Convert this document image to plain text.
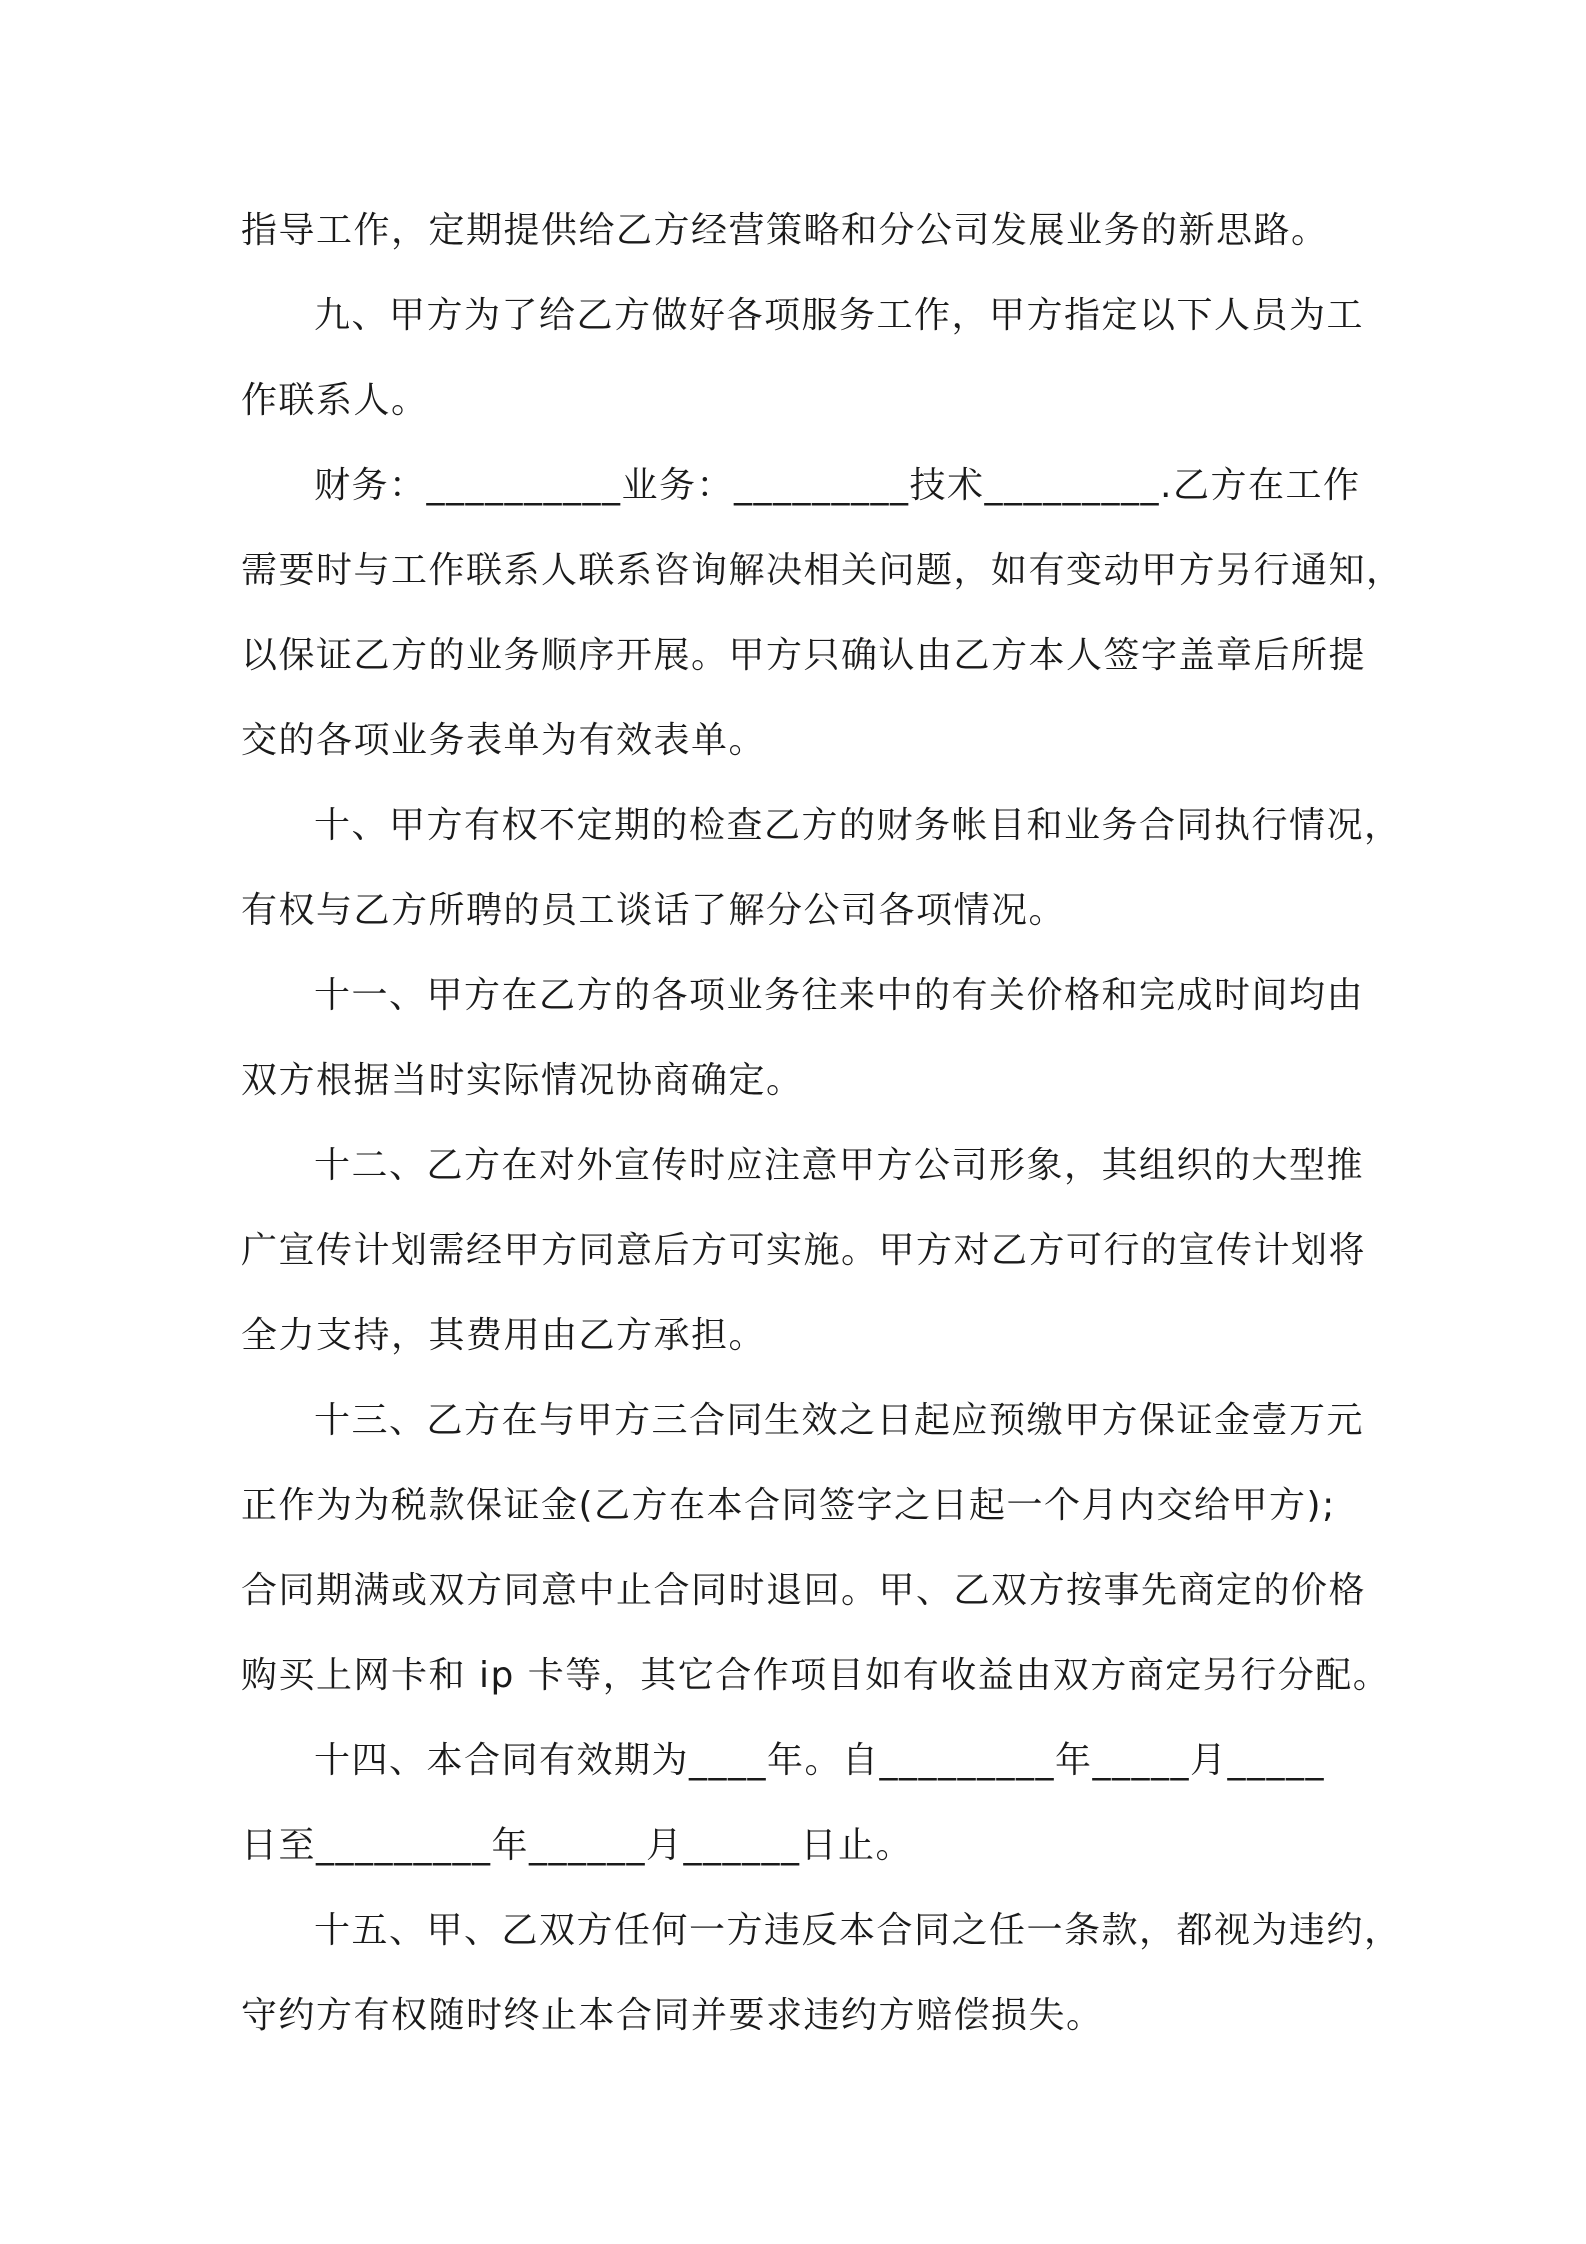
指导工作，定期提供给乙方经营策略和分公司发展业务的新思路。
九、甲方为了给乙方做好各项服务工作，甲方指定以下人员为工
作联系人。
财务：__________业务：_________技术_________.乙方在工作
需要时与工作联系人联系咨询解决相关问题，如有变动甲方另行通知，
以保证乙方的业务顺序开展。甲方只确认由乙方本人签字盖章后所提
交的各项业务表单为有效表单。
十、甲方有权不定期的检查乙方的财务帐目和业务合同执行情况，
有权与乙方所聘的员工谈话了解分公司各项情况。
十一、甲方在乙方的各项业务往来中的有关价格和完成时间均由
双方根据当时实际情况协商确定。
十二、乙方在对外宣传时应注意甲方公司形象，其组织的大型推
广宣传计划需经甲方同意后方可实施。甲方对乙方可行的宣传计划将
全力支持，其费用由乙方承担。
十三、乙方在与甲方三合同生效之日起应预缴甲方保证金壹万元
正作为为税款保证金(乙方在本合同签字之日起一个月内交给甲方);
合同期满或双方同意中止合同时退回。甲、乙双方按事先商定的价格
购买上网卡和 ip 卡等，其它合作项目如有收益由双方商定另行分配。
十四、本合同有效期为____年。自_________年_____月_____
日至_________年______月______日止。
十五、甲、乙双方任何一方违反本合同之任一条款，都视为违约，
守约方有权随时终止本合同并要求违约方赔偿损失。
